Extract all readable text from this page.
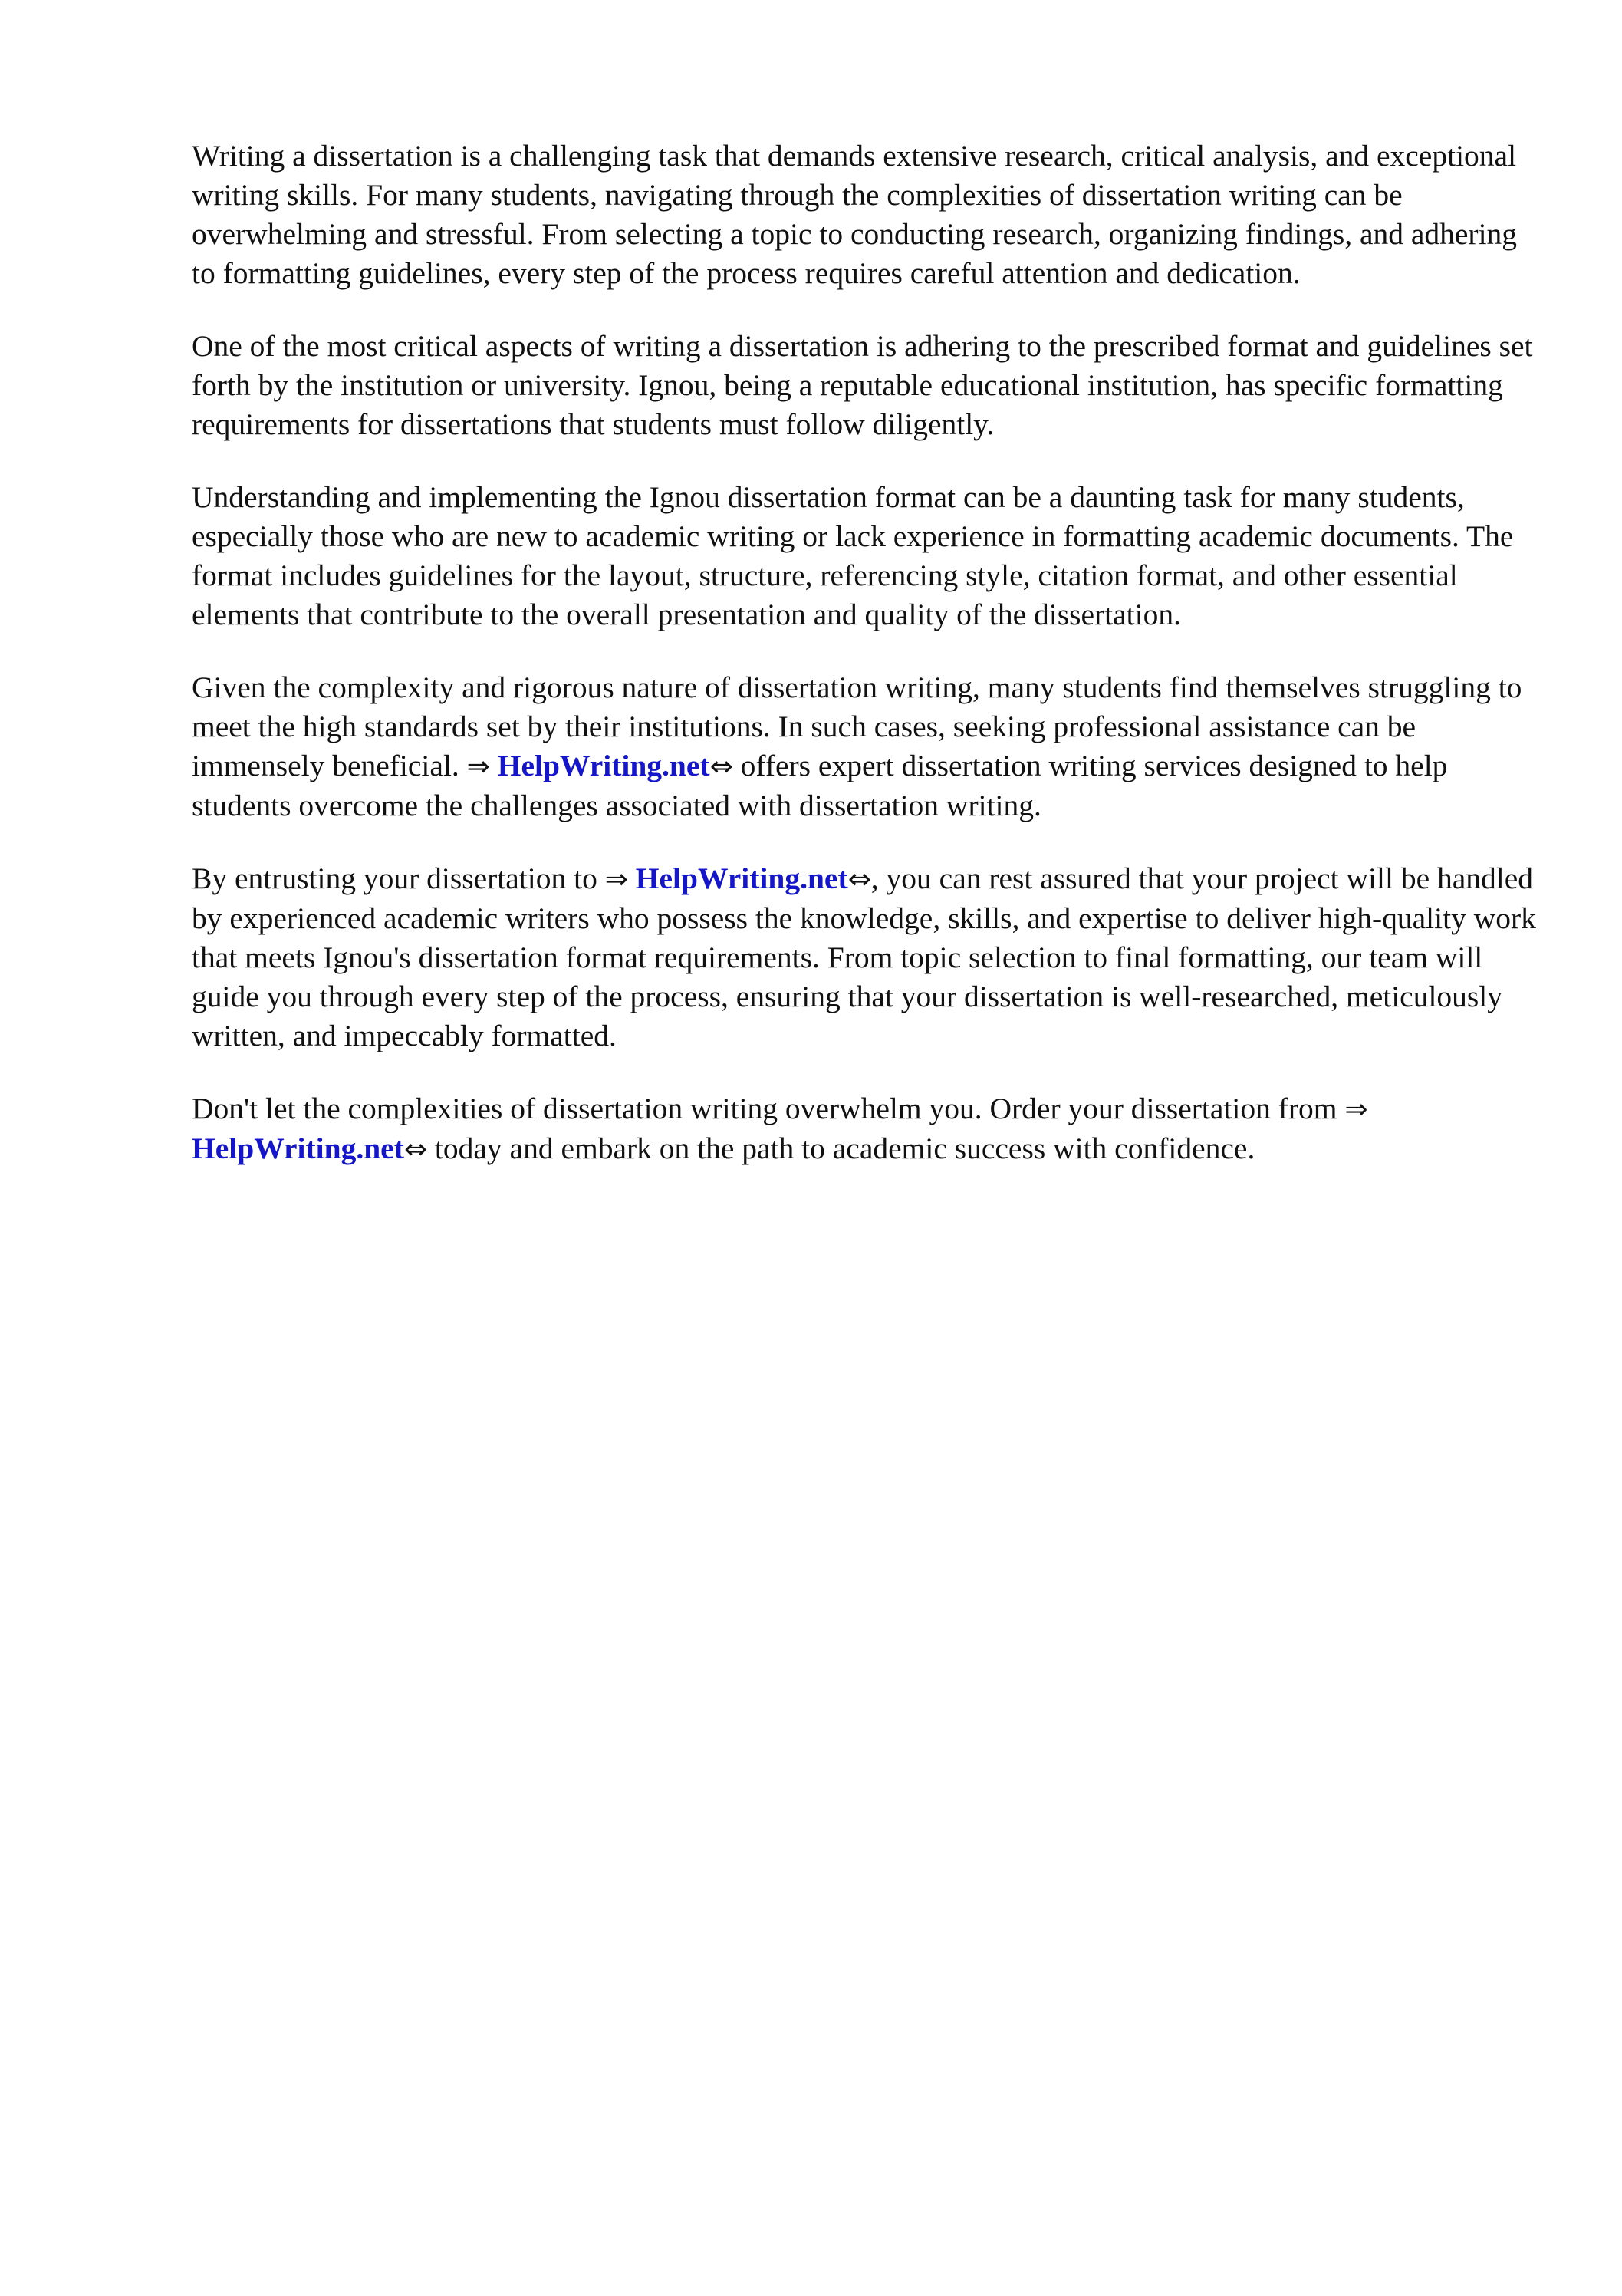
Writing a dissertation is a challenging task that demands extensive research, critical analysis, and exceptional writing skills. For many students, navigating through the complexities of dissertation writing can be overwhelming and stressful. From selecting a topic to conducting research, organizing findings, and adhering to formatting guidelines, every step of the process requires careful attention and dedication.

One of the most critical aspects of writing a dissertation is adhering to the prescribed format and guidelines set forth by the institution or university. Ignou, being a reputable educational institution, has specific formatting requirements for dissertations that students must follow diligently.

Understanding and implementing the Ignou dissertation format can be a daunting task for many students, especially those who are new to academic writing or lack experience in formatting academic documents. The format includes guidelines for the layout, structure, referencing style, citation format, and other essential elements that contribute to the overall presentation and quality of the dissertation.

Given the complexity and rigorous nature of dissertation writing, many students find themselves struggling to meet the high standards set by their institutions. In such cases, seeking professional assistance can be immensely beneficial. ⇒ HelpWriting.net⇔ offers expert dissertation writing services designed to help students overcome the challenges associated with dissertation writing.

By entrusting your dissertation to ⇒ HelpWriting.net⇔, you can rest assured that your project will be handled by experienced academic writers who possess the knowledge, skills, and expertise to deliver high-quality work that meets Ignou's dissertation format requirements. From topic selection to final formatting, our team will guide you through every step of the process, ensuring that your dissertation is well-researched, meticulously written, and impeccably formatted.

Don't let the complexities of dissertation writing overwhelm you. Order your dissertation from ⇒ HelpWriting.net⇔ today and embark on the path to academic success with confidence.
